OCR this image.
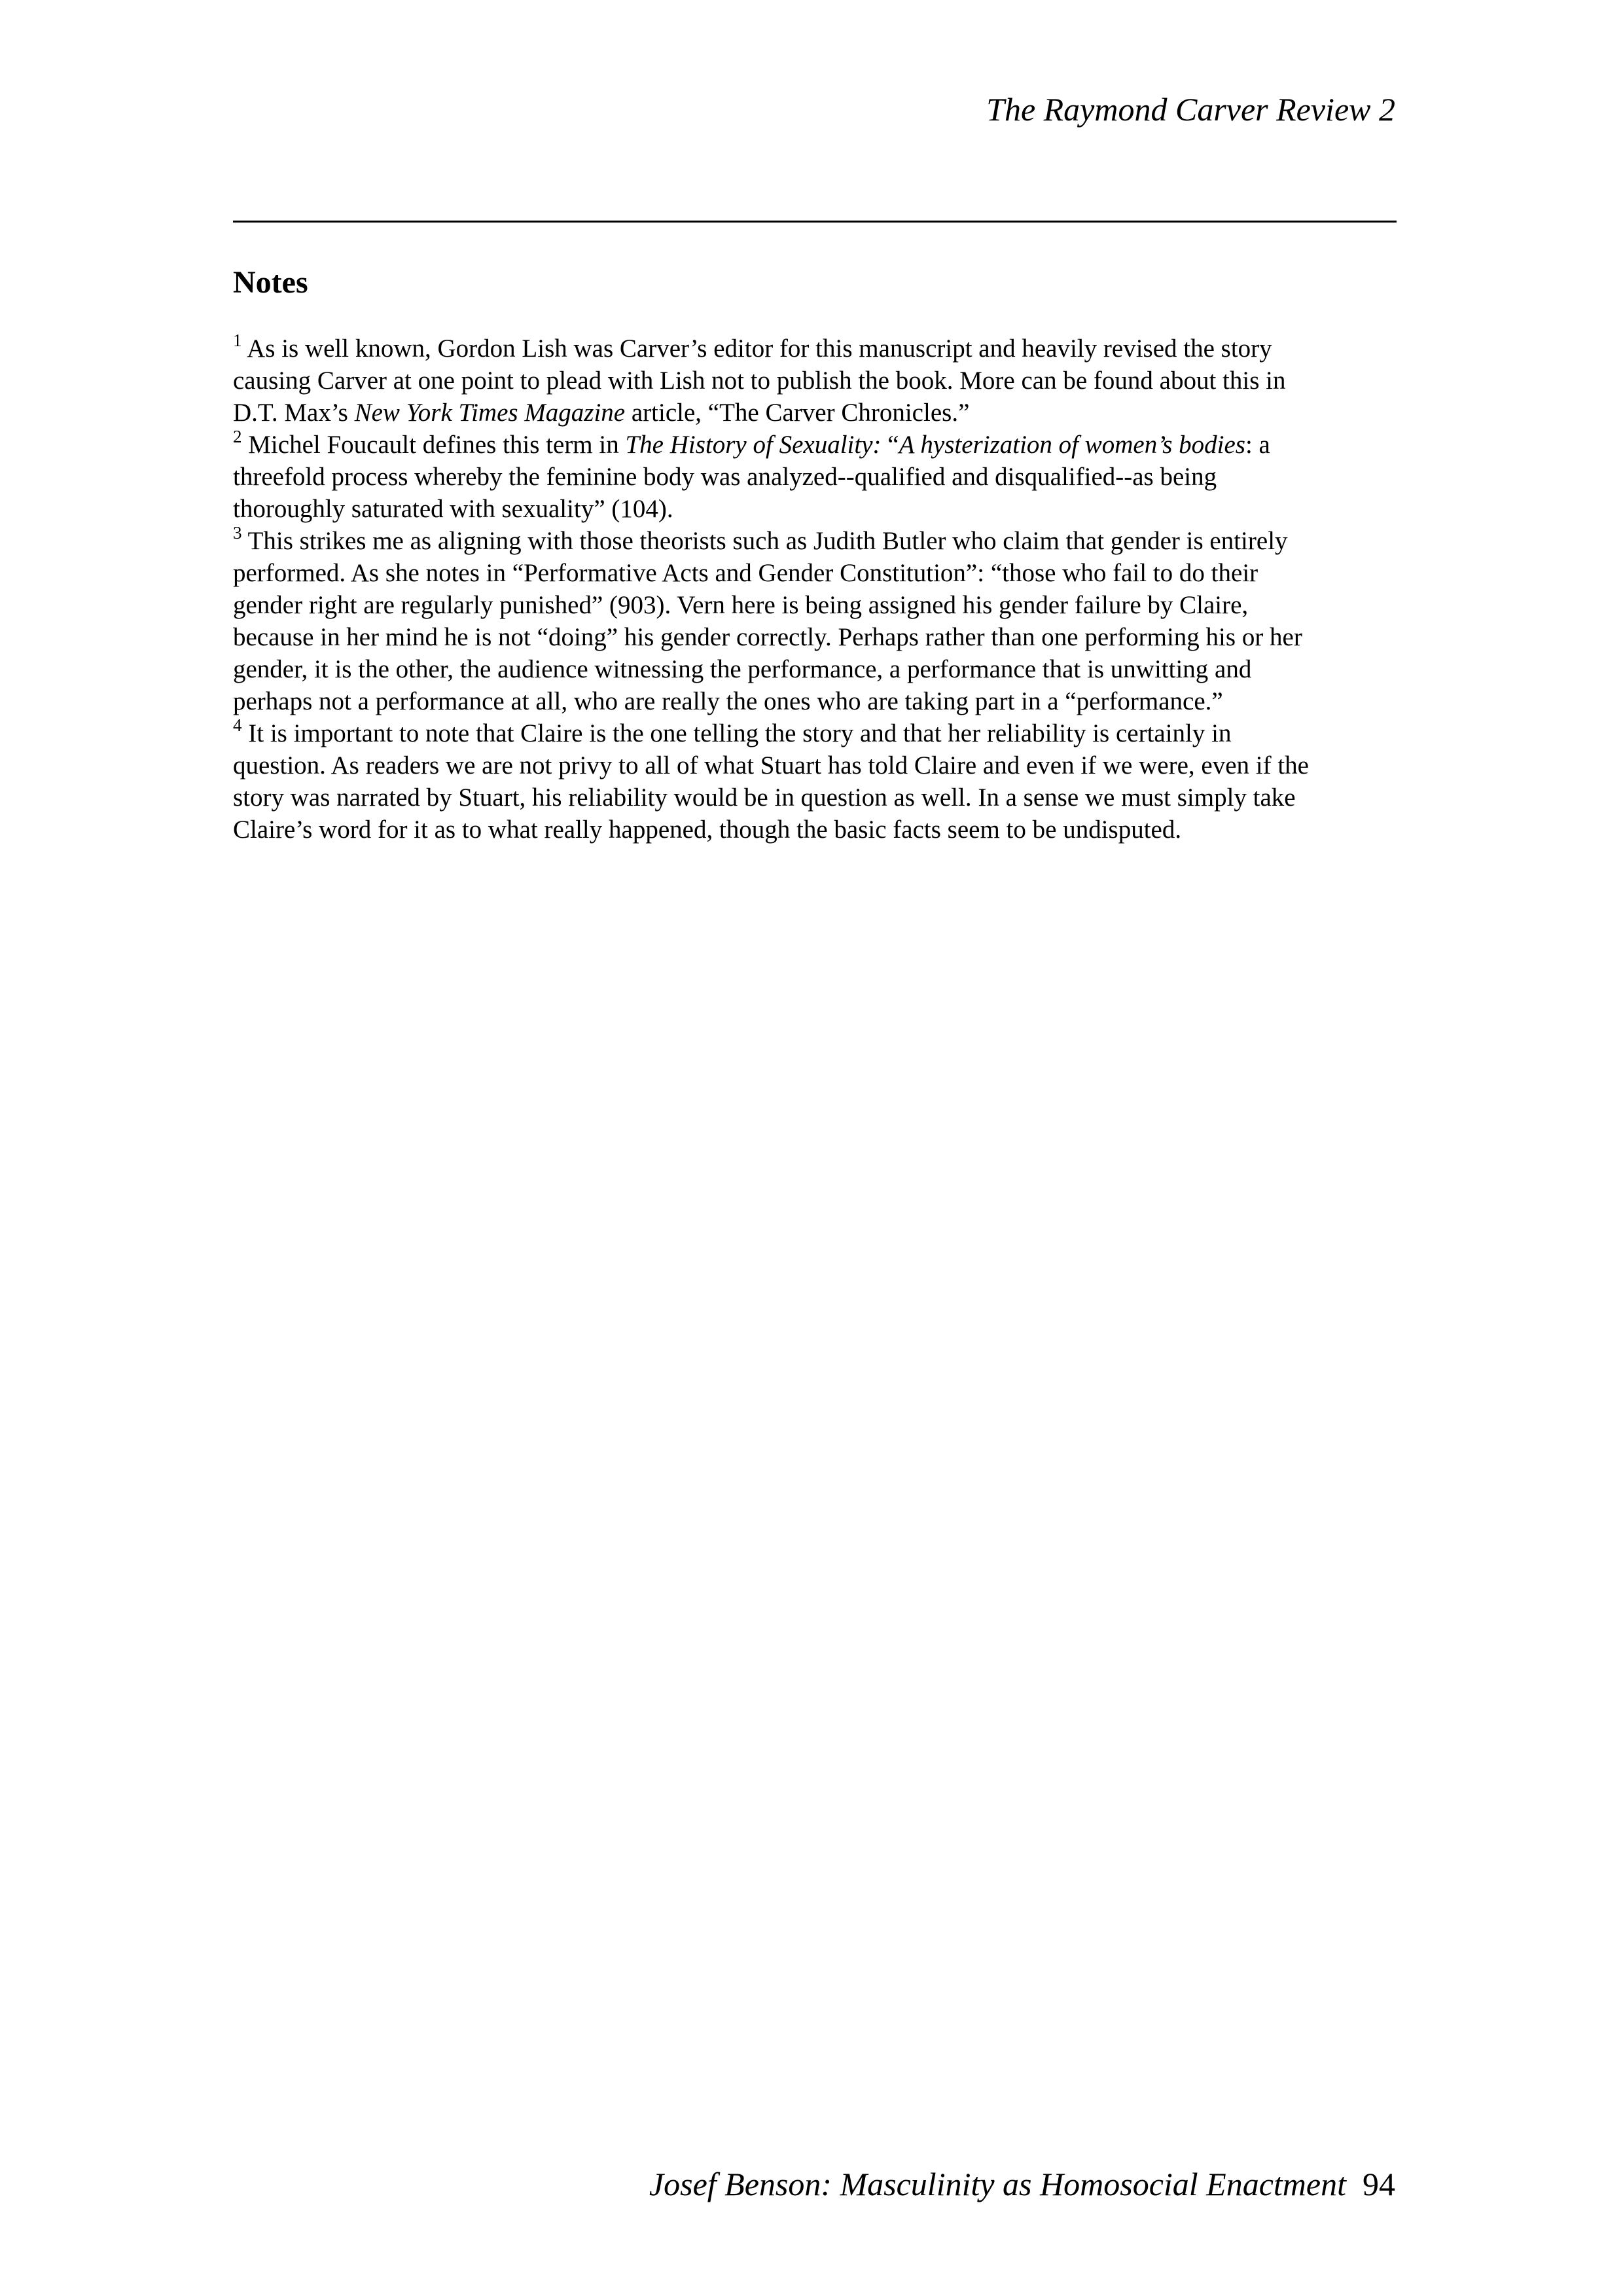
The Raymond Carver Review 2
Notes
$^1$ As is well known, Gordon Lish was Carver’s editor for this manuscript and heavily revised the story
causing Carver at one point to plead with Lish not to publish the book. More can be found about this in
D.T. Max’s New York Times Magazine article, “The Carver Chronicles.”
$^2$ Michel Foucault defines this term in The History of Sexuality: “A hysterization of women’s bodies: a
threefold process whereby the feminine body was analyzed--qualified and disqualified--as being
thoroughly saturated with sexuality” (104).
$^3$ This strikes me as aligning with those theorists such as Judith Butler who claim that gender is entirely
performed. As she notes in “Performative Acts and Gender Constitution”: “those who fail to do their
gender right are regularly punished” (903). Vern here is being assigned his gender failure by Claire,
because in her mind he is not “doing” his gender correctly. Perhaps rather than one performing his or her
gender, it is the other, the audience witnessing the performance, a performance that is unwitting and
perhaps not a performance at all, who are really the ones who are taking part in a “performance.”
$^4$ It is important to note that Claire is the one telling the story and that her reliability is certainly in
question. As readers we are not privy to all of what Stuart has told Claire and even if we were, even if the
story was narrated by Stuart, his reliability would be in question as well. In a sense we must simply take
Claire’s word for it as to what really happened, though the basic facts seem to be undisputed.
Josef Benson: Masculinity as Homosocial Enactment 94
